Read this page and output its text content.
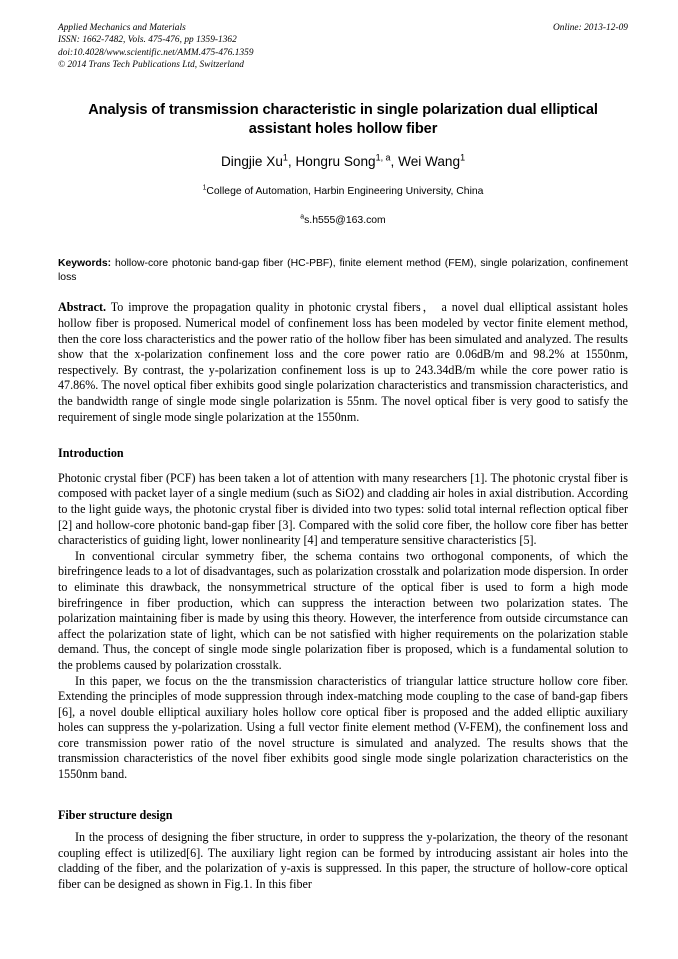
Applied Mechanics and Materials
ISSN: 1662-7482, Vols. 475-476, pp 1359-1362
doi:10.4028/www.scientific.net/AMM.475-476.1359
© 2014 Trans Tech Publications Ltd, Switzerland
Online: 2013-12-09
Analysis of transmission characteristic in single polarization dual elliptical assistant holes hollow fiber
Dingjie Xu$^1$, Hongru Song$^{1, a}$, Wei Wang$^1$
$^1$College of Automation, Harbin Engineering University, China
$^a$s.h555@163.com

Keywords: hollow-core photonic band-gap fiber (HC-PBF), finite element method (FEM), single polarization, confinement loss

Abstract. To improve the propagation quality in photonic crystal fibers， a novel dual elliptical assistant holes hollow fiber is proposed. Numerical model of confinement loss has been modeled by vector finite element method, then the core loss characteristics and the power ratio of the hollow fiber has been simulated and analyzed. The results show that the x-polarization confinement loss and the core power ratio are 0.06dB/m and 98.2% at 1550nm, respectively. By contrast, the y-polarization confinement loss is up to 243.34dB/m while the core power ratio is 47.86%. The novel optical fiber exhibits good single polarization characteristics and transmission characteristics, and the bandwidth range of single mode single polarization is 55nm. The novel optical fiber is very good to satisfy the requirement of single mode single polarization at the 1550nm.

Introduction

Photonic crystal fiber (PCF) has been taken a lot of attention with many researchers [1]. The photonic crystal fiber is composed with packet layer of a single medium (such as SiO2) and cladding air holes in axial distribution. According to the light guide ways, the photonic crystal fiber is divided into two types: solid total internal reflection optical fiber [2] and hollow-core photonic band-gap fiber [3]. Compared with the solid core fiber, the hollow core fiber has better characteristics of guiding light, lower nonlinearity [4] and temperature sensitive characteristics [5].

In conventional circular symmetry fiber, the schema contains two orthogonal components, of which the birefringence leads to a lot of disadvantages, such as polarization crosstalk and polarization mode dispersion. In order to eliminate this drawback, the nonsymmetrical structure of the optical fiber is used to form a high mode birefringence in fiber production, which can suppress the interaction between two polarization states. The polarization maintaining fiber is made by using this theory. However, the interference from outside circumstance can affect the polarization state of light, which can be not satisfied with higher requirements on the polarization stable demand. Thus, the concept of single mode single polarization fiber is proposed, which is a fundamental solution to the problems caused by polarization crosstalk.

In this paper, we focus on the the transmission characteristics of triangular lattice structure hollow core fiber. Extending the principles of mode suppression through index-matching mode coupling to the case of band-gap fibers [6], a novel double elliptical auxiliary holes hollow core optical fiber is proposed and the added elliptic auxiliary holes can suppress the y-polarization. Using a full vector finite element method (V-FEM), the confinement loss and core transmission power ratio of the novel structure is simulated and analyzed. The results shows that the transmission characteristics of the novel fiber exhibits good single mode single polarization characteristics on the 1550nm band.

Fiber structure design

In the process of designing the fiber structure, in order to suppress the y-polarization, the theory of the resonant coupling effect is utilized[6]. The auxiliary light region can be formed by introducing assistant air holes into the cladding of the fiber, and the polarization of y-axis is suppressed. In this paper, the structure of hollow-core optical fiber can be designed as shown in Fig.1. In this fiber
